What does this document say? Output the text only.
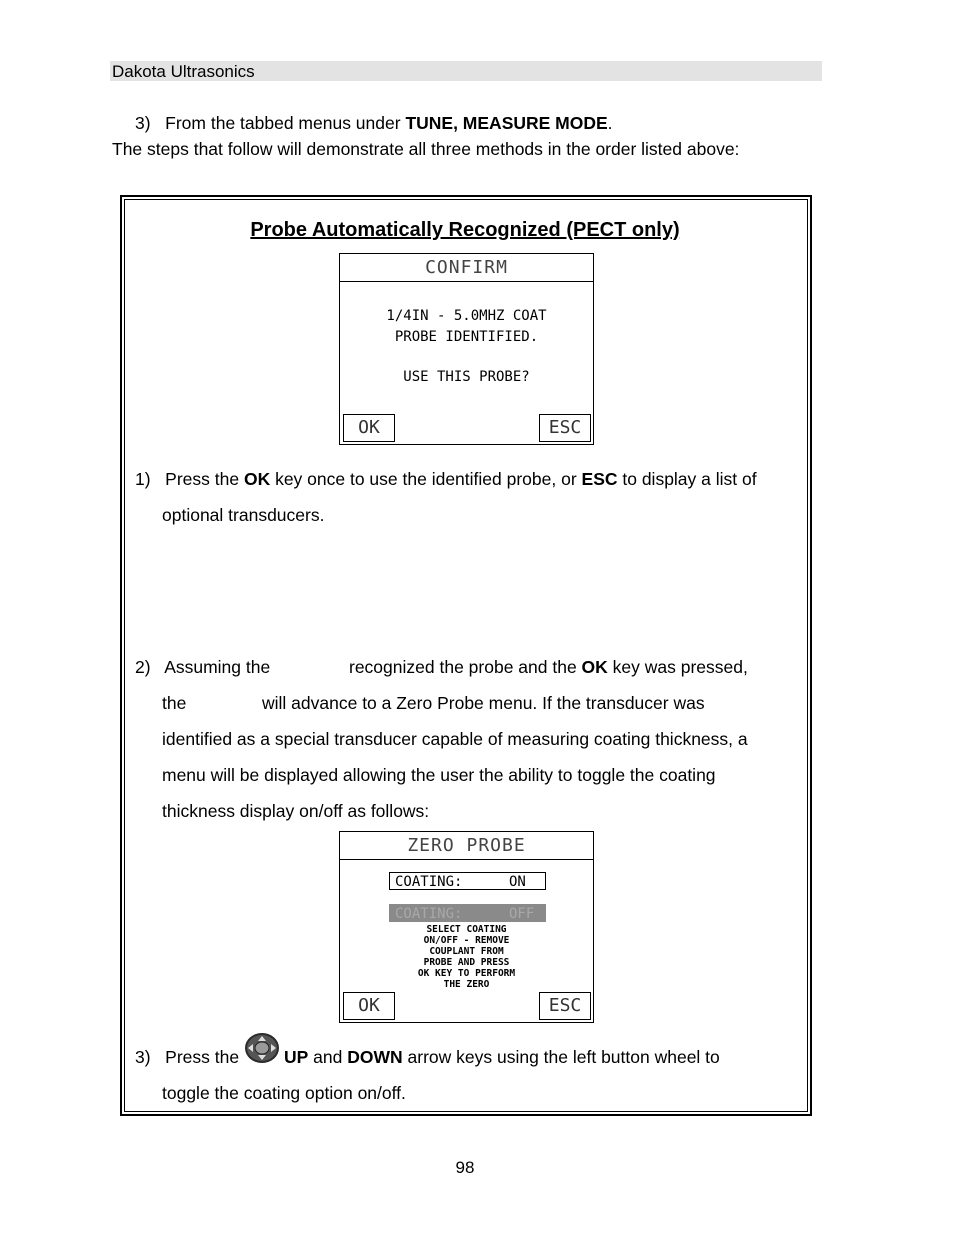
Dakota Ultrasonics
3) From the tabbed menus under TUNE, MEASURE MODE.
The steps that follow will demonstrate all three methods in the order listed above:
Probe Automatically Recognized (PECT only)
CONFIRM
1/4IN - 5.0MHZ COAT
PROBE IDENTIFIED.
USE THIS PROBE?
OK	ESC
1) Press the OK key once to use the identified probe, or ESC to display a list of
optional transducers.
2) Assuming the	recognized the probe and the OK key was pressed,
the	will advance to a Zero Probe menu. If the transducer was
identified as a special transducer capable of measuring coating thickness, a
menu will be displayed allowing the user the ability to toggle the coating
thickness display on/off as follows:
ZERO PROBE
COATING:	ON
COATING:	OFF
SELECT COATING
ON/OFF - REMOVE
COUPLANT FROM
PROBE AND PRESS
OK KEY TO PERFORM
THE ZERO
OK	ESC
3) Press the	UP and DOWN arrow keys using the left button wheel to
toggle the coating option on/off.
98
